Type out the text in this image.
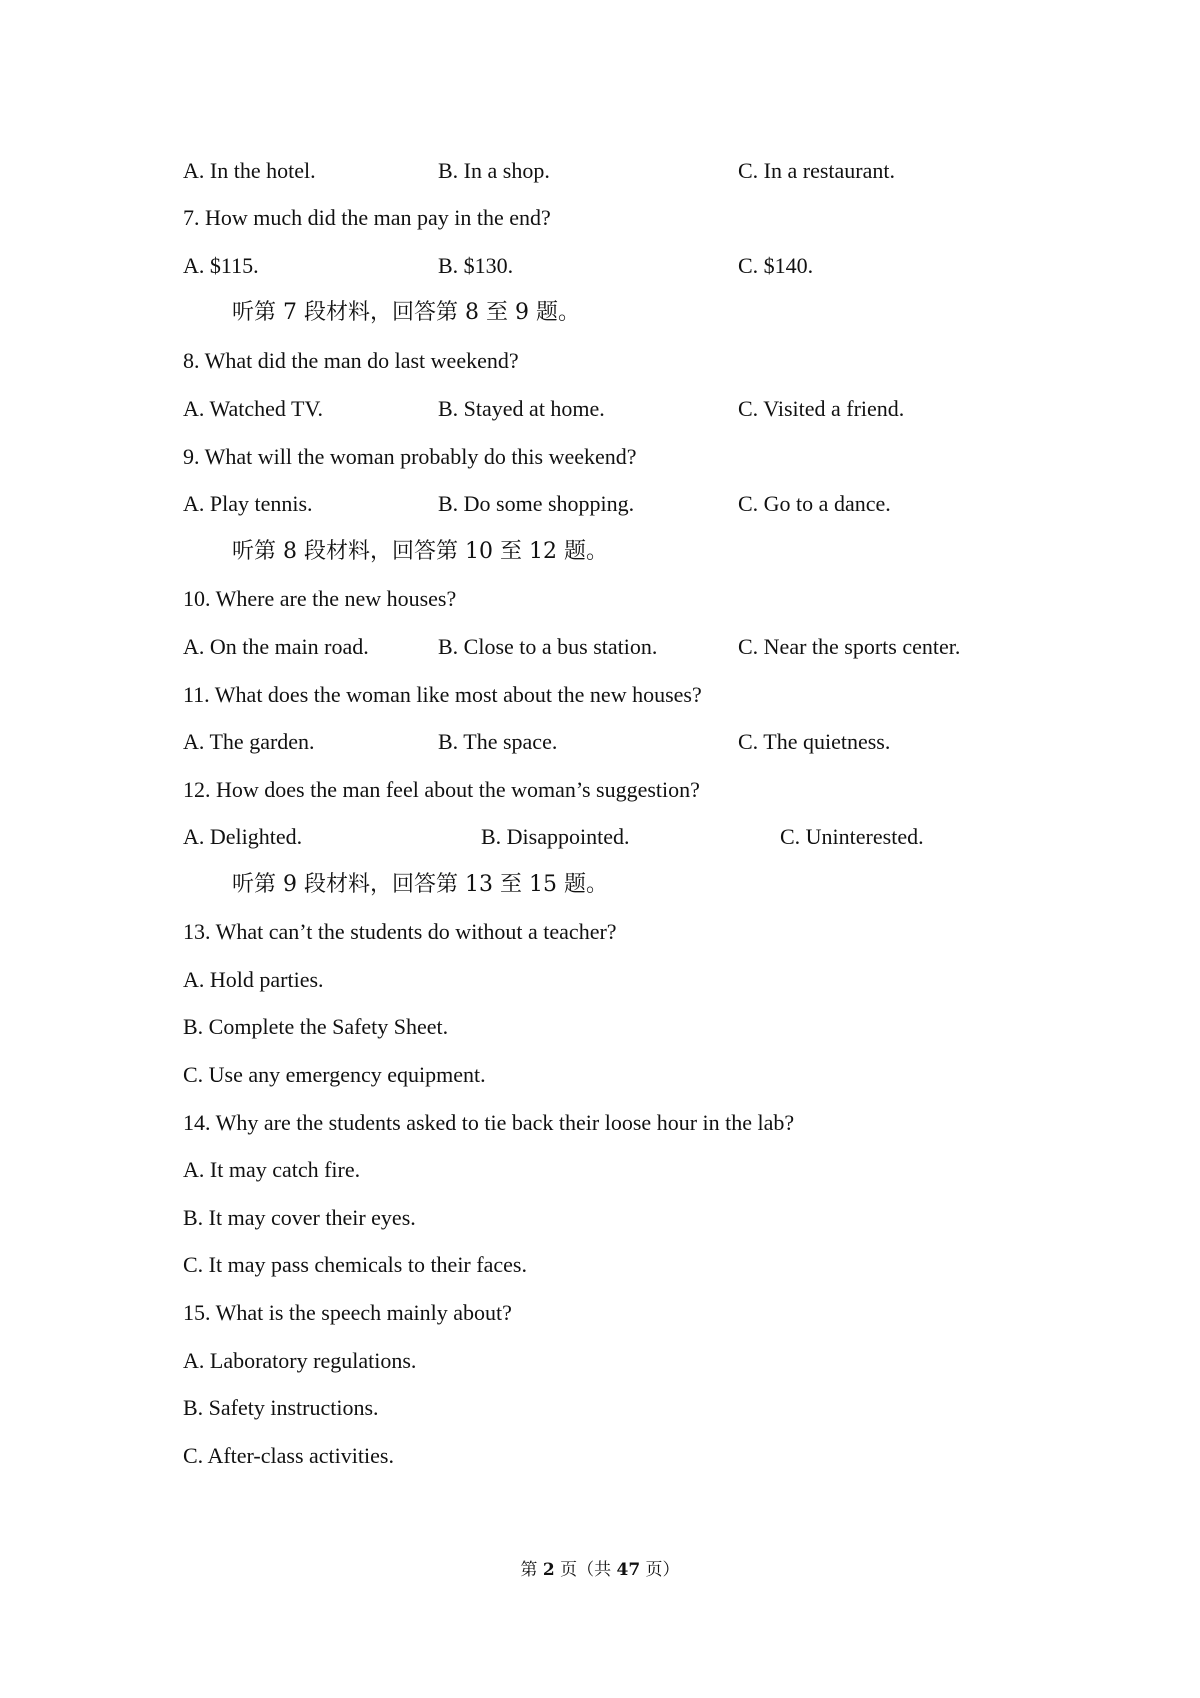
A. In the hotel.	B. In a shop.	C. In a restaurant.
7. How much did the man pay in the end?
A. $115.	B. $130.	C. $140.
听第 7 段材料，回答第 8 至 9 题。
8. What did the man do last weekend?
A. Watched TV.	B. Stayed at home.	C. Visited a friend.
9. What will the woman probably do this weekend?
A. Play tennis.	B. Do some shopping.	C. Go to a dance.
听第 8 段材料，回答第 10 至 12 题。
10. Where are the new houses?
A. On the main road.	B. Close to a bus station.	C. Near the sports center.
11. What does the woman like most about the new houses?
A. The garden.	B. The space.	C. The quietness.
12. How does the man feel about the woman’s suggestion?
A. Delighted.	B. Disappointed.	C. Uninterested.
听第 9 段材料，回答第 13 至 15 题。
13. What can’t the students do without a teacher?
A. Hold parties.
B. Complete the Safety Sheet.
C. Use any emergency equipment.
14. Why are the students asked to tie back their loose hour in the lab?
A. It may catch fire.
B. It may cover their eyes.
C. It may pass chemicals to their faces.
15. What is the speech mainly about?
A. Laboratory regulations.
B. Safety instructions.
C. After-class activities.
第 2 页（共 47 页）
